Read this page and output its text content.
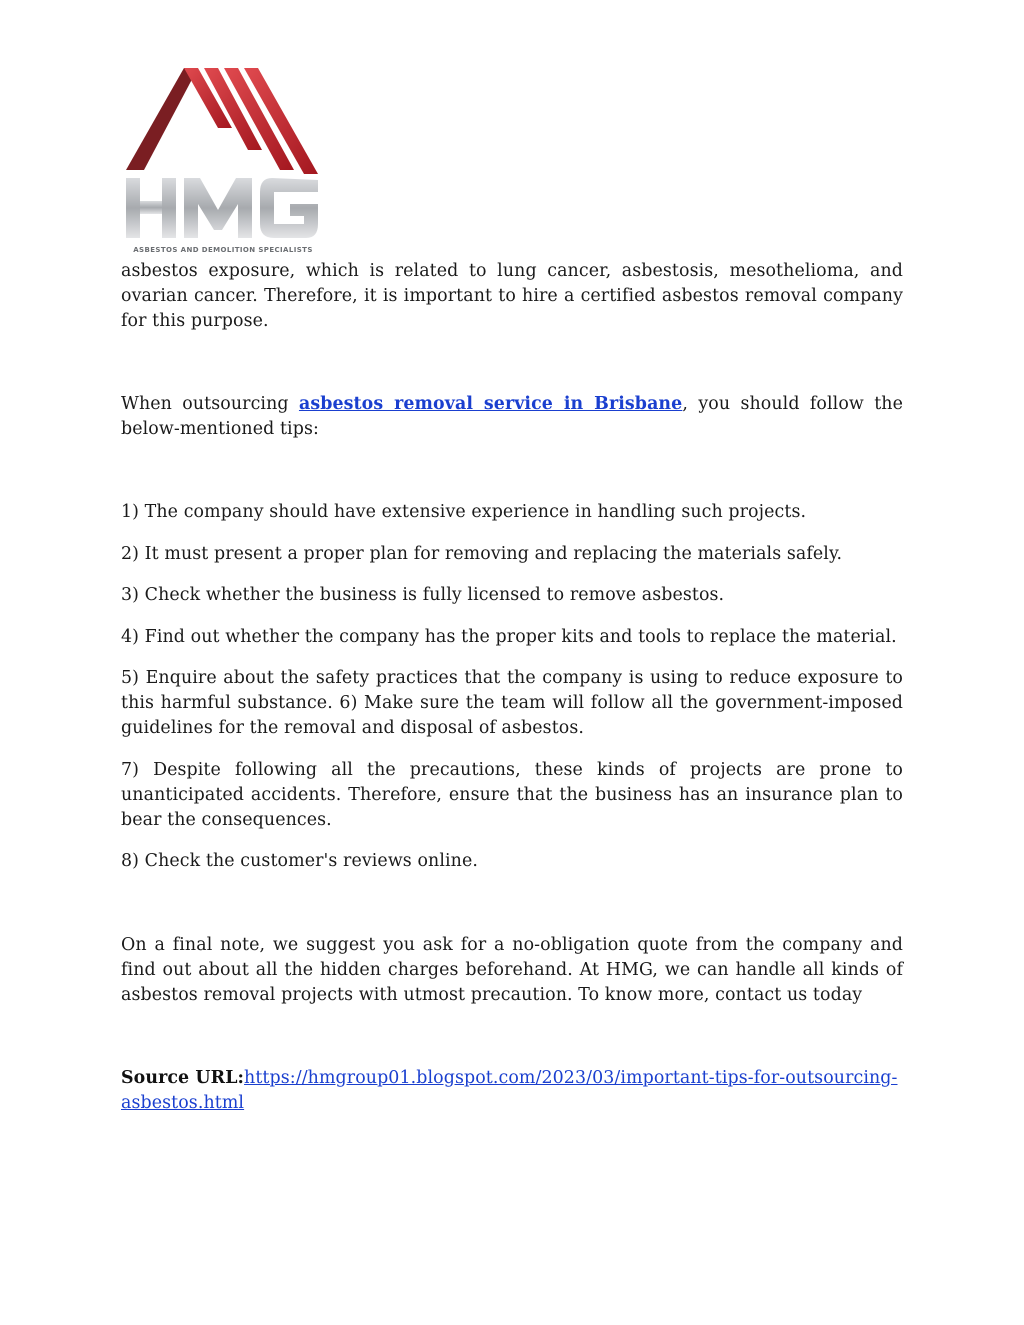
ASBESTOS AND DEMOLITION SPECIALISTS

asbestos exposure, which is related to lung cancer, asbestosis, mesothelioma, and ovarian cancer. Therefore, it is important to hire a certified asbestos removal company for this purpose.

When outsourcing asbestos removal service in Brisbane, you should follow the below-mentioned tips:

1) The company should have extensive experience in handling such projects.

2) It must present a proper plan for removing and replacing the materials safely.

3) Check whether the business is fully licensed to remove asbestos.

4) Find out whether the company has the proper kits and tools to replace the material.

5) Enquire about the safety practices that the company is using to reduce exposure to this harmful substance. 6) Make sure the team will follow all the government-imposed guidelines for the removal and disposal of asbestos.

7) Despite following all the precautions, these kinds of projects are prone to unanticipated accidents. Therefore, ensure that the business has an insurance plan to bear the consequences.

8) Check the customer's reviews online.

On a final note, we suggest you ask for a no-obligation quote from the company and find out about all the hidden charges beforehand. At HMG, we can handle all kinds of asbestos removal projects with utmost precaution. To know more, contact us today

Source URL:https://hmgroup01.blogspot.com/2023/03/important-tips-for-outsourcing-asbestos.html
